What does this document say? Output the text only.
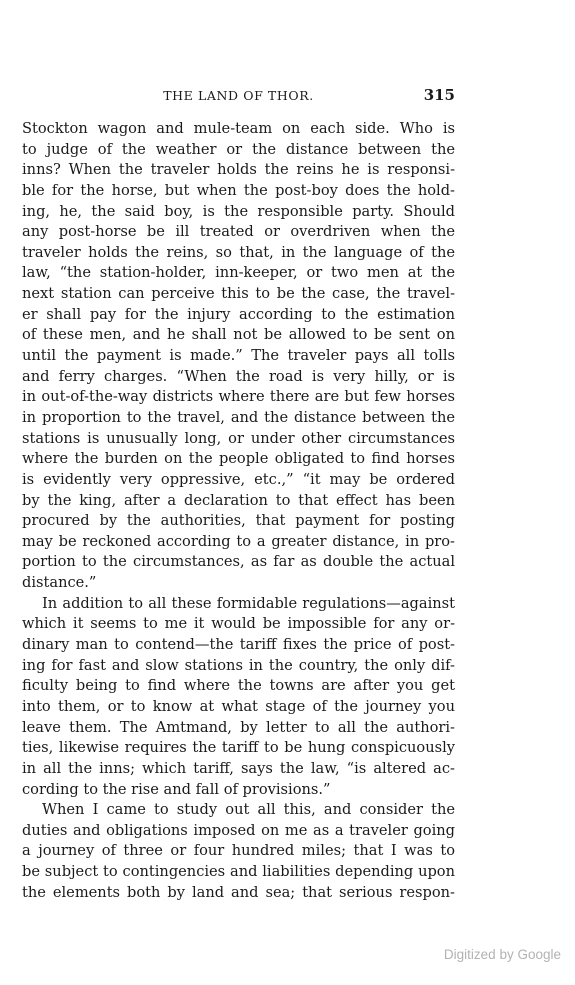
THE LAND OF THOR.	315
Stockton wagon and mule-team on each side. Who is
to judge of the weather or the distance between the
inns? When the traveler holds the reins he is responsi-
ble for the horse, but when the post-boy does the hold-
ing, he, the said boy, is the responsible party. Should
any post-horse be ill treated or overdriven when the
traveler holds the reins, so that, in the language of the
law, “the station-holder, inn-keeper, or two men at the
next station can perceive this to be the case, the travel-
er shall pay for the injury according to the estimation
of these men, and he shall not be allowed to be sent on
until the payment is made.” The traveler pays all tolls
and ferry charges. “When the road is very hilly, or is
in out-of-the-way districts where there are but few horses
in proportion to the travel, and the distance between the
stations is unusually long, or under other circumstances
where the burden on the people obligated to find horses
is evidently very oppressive, etc.,” “it may be ordered
by the king, after a declaration to that effect has been
procured by the authorities, that payment for posting
may be reckoned according to a greater distance, in pro-
portion to the circumstances, as far as double the actual
distance.”
In addition to all these formidable regulations—against
which it seems to me it would be impossible for any or-
dinary man to contend—the tariff fixes the price of post-
ing for fast and slow stations in the country, the only dif-
ficulty being to find where the towns are after you get
into them, or to know at what stage of the journey you
leave them. The Amtmand, by letter to all the authori-
ties, likewise requires the tariff to be hung conspicuously
in all the inns; which tariff, says the law, “is altered ac-
cording to the rise and fall of provisions.”
When I came to study out all this, and consider the
duties and obligations imposed on me as a traveler going
a journey of three or four hundred miles; that I was to
be subject to contingencies and liabilities depending upon
the elements both by land and sea; that serious respon-
Digitized by Google
